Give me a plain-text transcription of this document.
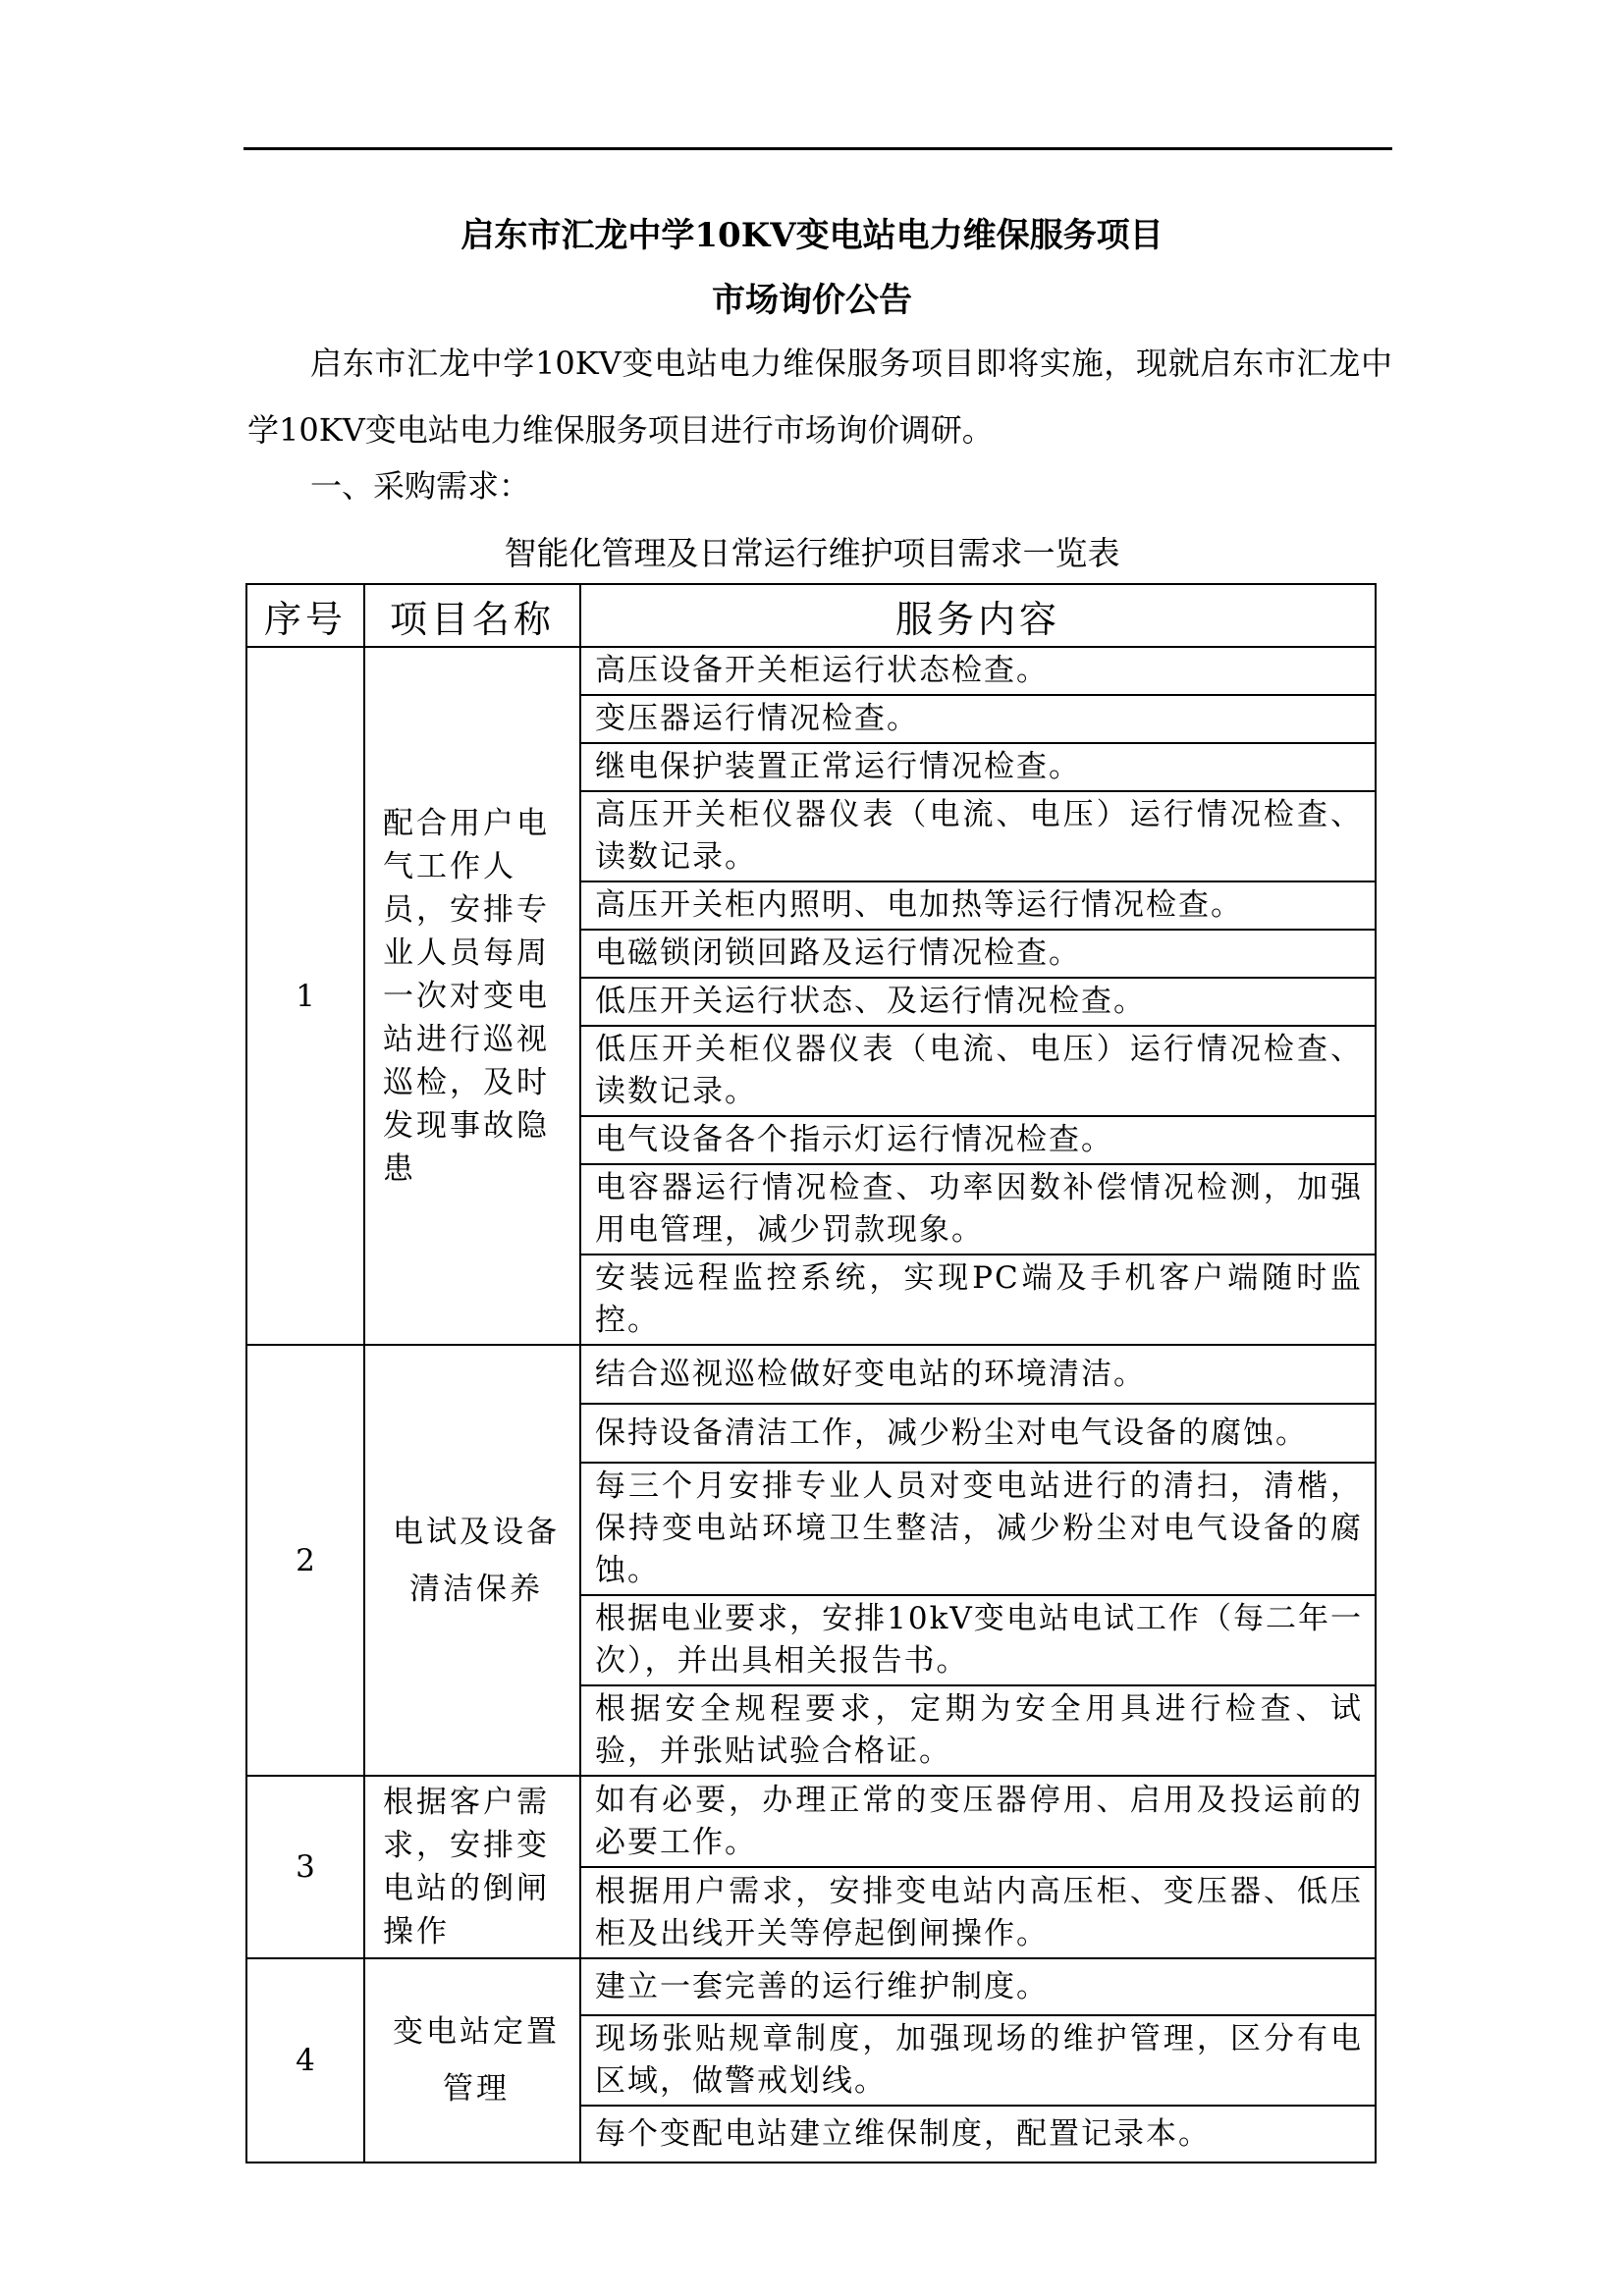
启东市汇龙中学10KV变电站电力维保服务项目
市场询价公告
启东市汇龙中学10KV变电站电力维保服务项目即将实施，现就启东市汇龙中学10KV变电站电力维保服务项目进行市场询价调研。
一、采购需求：
智能化管理及日常运行维护项目需求一览表
序号	项目名称	服务内容
1	配合用户电气工作人员，安排专业人员每周一次对变电站进行巡视巡检，及时发现事故隐患	高压设备开关柜运行状态检查。
		变压器运行情况检查。
		继电保护装置正常运行情况检查。
		高压开关柜仪器仪表（电流、电压）运行情况检查、读数记录。
		高压开关柜内照明、电加热等运行情况检查。
		电磁锁闭锁回路及运行情况检查。
		低压开关运行状态、及运行情况检查。
		低压开关柜仪器仪表（电流、电压）运行情况检查、读数记录。
		电气设备各个指示灯运行情况检查。
		电容器运行情况检查、功率因数补偿情况检测，加强用电管理，减少罚款现象。
		安装远程监控系统，实现PC端及手机客户端随时监控。
2	电试及设备清洁保养	结合巡视巡检做好变电站的环境清洁。
		保持设备清洁工作，减少粉尘对电气设备的腐蚀。
		每三个月安排专业人员对变电站进行的清扫，清楷，保持变电站环境卫生整洁，减少粉尘对电气设备的腐蚀。
		根据电业要求，安排10kV变电站电试工作（每二年一次），并出具相关报告书。
		根据安全规程要求，定期为安全用具进行检查、试验，并张贴试验合格证。
3	根据客户需求，安排变电站的倒闸操作	如有必要，办理正常的变压器停用、启用及投运前的必要工作。
		根据用户需求，安排变电站内高压柜、变压器、低压柜及出线开关等停起倒闸操作。
4	变电站定置管理	建立一套完善的运行维护制度。
		现场张贴规章制度，加强现场的维护管理，区分有电区域，做警戒划线。
		每个变配电站建立维保制度，配置记录本。
